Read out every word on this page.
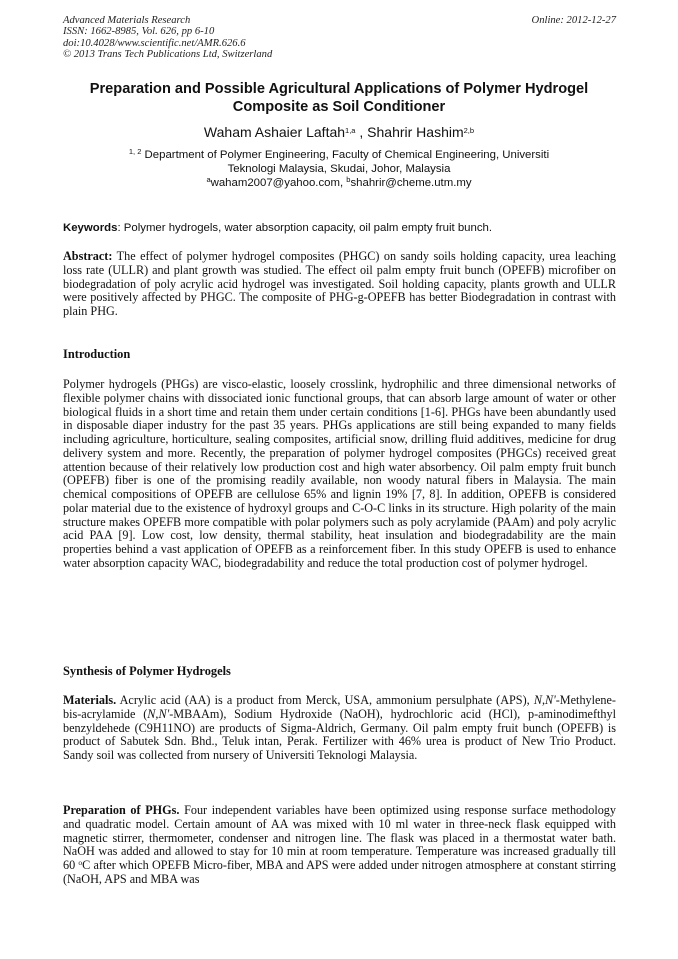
Advanced Materials Research
ISSN: 1662-8985, Vol. 626, pp 6-10
doi:10.4028/www.scientific.net/AMR.626.6
© 2013 Trans Tech Publications Ltd, Switzerland
Online: 2012-12-27
Preparation and Possible Agricultural Applications of Polymer Hydrogel
Composite as Soil Conditioner
Waham Ashaier Laftah$^{1,a}$ , Shahrir Hashim$^{2,b}$
$^{1, 2}$ Department of Polymer Engineering, Faculty of Chemical Engineering, Universiti
Teknologi Malaysia, Skudai, Johor, Malaysia
$^a$waham2007@yahoo.com, $^b$shahrir@cheme.utm.my
Keywords: Polymer hydrogels, water absorption capacity, oil palm empty fruit bunch.
Abstract: The effect of polymer hydrogel composites (PHGC) on sandy soils holding capacity, urea leaching loss rate (ULLR) and plant growth was studied. The effect oil palm empty fruit bunch (OPEFB) microfiber on biodegradation of poly acrylic acid hydrogel was investigated. Soil holding capacity, plants growth and ULLR were positively affected by PHGC. The composite of PHG-g-OPEFB has better Biodegradation in contrast with plain PHG.
Introduction
Polymer hydrogels (PHGs) are visco-elastic, loosely crosslink, hydrophilic and three dimensional networks of flexible polymer chains with dissociated ionic functional groups, that can absorb large amount of water or other biological fluids in a short time and retain them under certain conditions [1-6]. PHGs have been abundantly used in disposable diaper industry for the past 35 years. PHGs applications are still being expanded to many fields including agriculture, horticulture, sealing composites, artificial snow, drilling fluid additives, medicine for drug delivery system and more. Recently, the preparation of polymer hydrogel composites (PHGCs) received great attention because of their relatively low production cost and high water absorbency. Oil palm empty fruit bunch (OPEFB) fiber is one of the promising readily available, non woody natural fibers in Malaysia. The main chemical compositions of OPEFB are cellulose 65% and lignin 19% [7, 8]. In addition, OPEFB is considered polar material due to the existence of hydroxyl groups and C-O-C links in its structure. High polarity of the main structure makes OPEFB more compatible with polar polymers such as poly acrylamide (PAAm) and poly acrylic acid PAA [9]. Low cost, low density, thermal stability, heat insulation and biodegradability are the main properties behind a vast application of OPEFB as a reinforcement fiber. In this study OPEFB is used to enhance water absorption capacity WAC, biodegradability and reduce the total production cost of polymer hydrogel.
Synthesis of Polymer Hydrogels
Materials. Acrylic acid (AA) is a product from Merck, USA, ammonium persulphate (APS), N,N'-Methylene-bis-acrylamide (N,N'-MBAAm), Sodium Hydroxide (NaOH), hydrochloric acid (HCl), p-aminodimefthyl benzyldehede (C9H11NO) are products of Sigma-Aldrich, Germany. Oil palm empty fruit bunch (OPEFB) is product of Sabutek Sdn. Bhd., Teluk intan, Perak. Fertilizer with 46% urea is product of New Trio Product. Sandy soil was collected from nursery of Universiti Teknologi Malaysia.
Preparation of PHGs. Four independent variables have been optimized using response surface methodology and quadratic model. Certain amount of AA was mixed with 10 ml water in three-neck flask equipped with magnetic stirrer, thermometer, condenser and nitrogen line. The flask was placed in a thermostat water bath. NaOH was added and allowed to stay for 10 min at room temperature. Temperature was increased gradually till 60 $^o$C after which OPEFB Micro-fiber, MBA and APS were added under nitrogen atmosphere at constant stirring (NaOH, APS and MBA was
